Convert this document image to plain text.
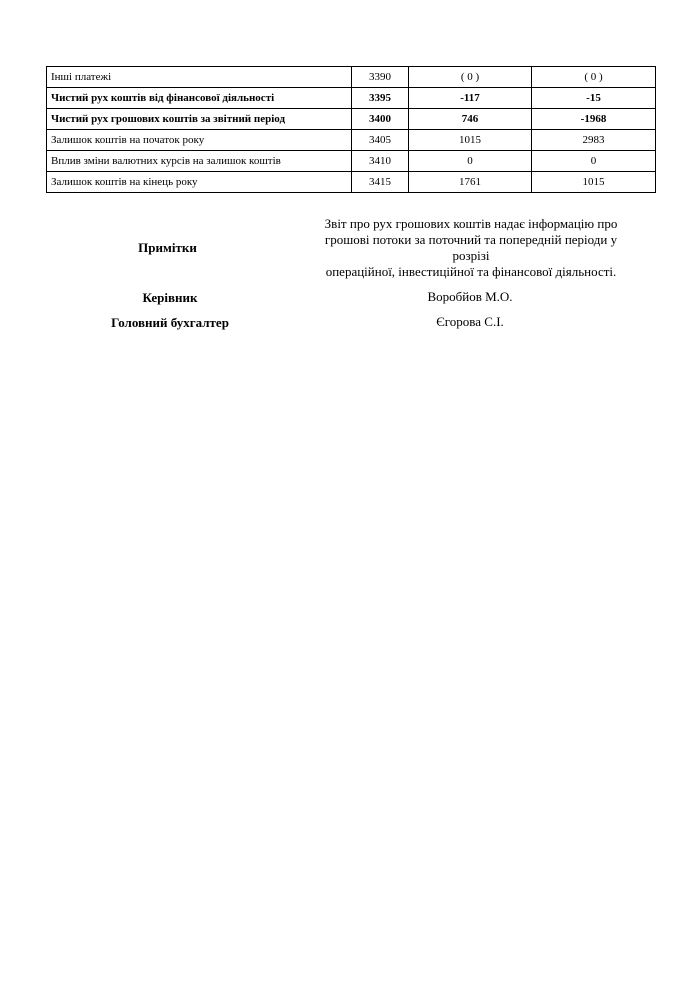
Інші платежі	3390	( 0 )	( 0 )
Чистий рух коштів від фінансової діяльності	3395	-117	-15
Чистий рух грошових коштів за звітний період	3400	746	-1968
Залишок коштів на початок року	3405	1015	2983
Вплив зміни валютних курсів на залишок коштів	3410	0	0
Залишок коштів на кінець року	3415	1761	1015
Примітки
Звіт про рух грошових коштів надає інформацію про
грошові потоки за поточний та попередній періоди у
розрізі
операційної, інвестиційної та фінансової діяльності.
Керівник	Воробйов М.О.
Головний бухгалтер	Єгорова С.І.
